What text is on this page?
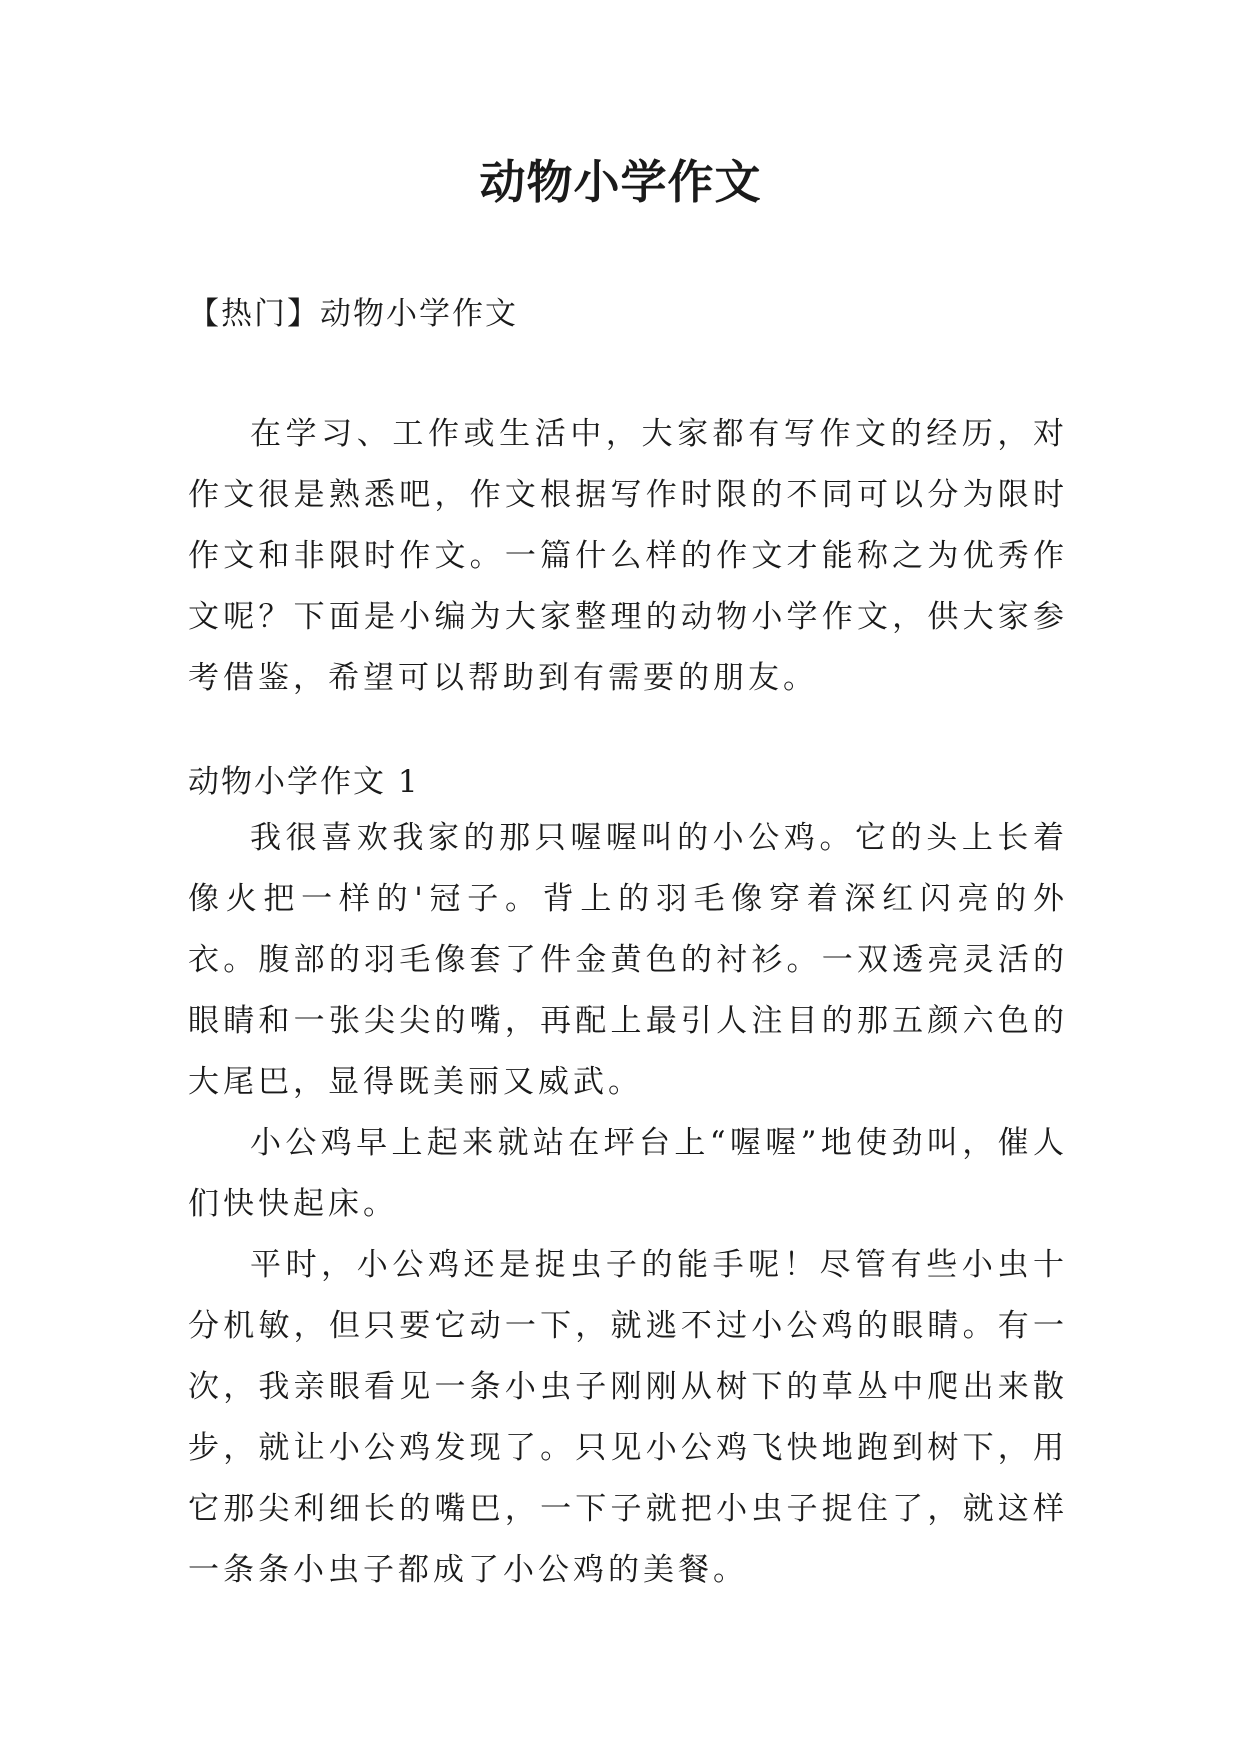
动物小学作文
【热门】动物小学作文

在学习、工作或生活中，大家都有写作文的经历，对作文很是熟悉吧，作文根据写作时限的不同可以分为限时作文和非限时作文。一篇什么样的作文才能称之为优秀作文呢？下面是小编为大家整理的动物小学作文，供大家参考借鉴，希望可以帮助到有需要的朋友。

动物小学作文 1

我很喜欢我家的那只喔喔叫的小公鸡。它的头上长着像火把一样的'冠子。背上的羽毛像穿着深红闪亮的外衣。腹部的羽毛像套了件金黄色的衬衫。一双透亮灵活的眼睛和一张尖尖的嘴，再配上最引人注目的那五颜六色的大尾巴，显得既美丽又威武。

小公鸡早上起来就站在坪台上“喔喔”地使劲叫，催人们快快起床。

平时，小公鸡还是捉虫子的能手呢！尽管有些小虫十分机敏，但只要它动一下，就逃不过小公鸡的眼睛。有一次，我亲眼看见一条小虫子刚刚从树下的草丛中爬出来散步，就让小公鸡发现了。只见小公鸡飞快地跑到树下，用它那尖利细长的嘴巴，一下子就把小虫子捉住了，就这样一条条小虫子都成了小公鸡的美餐。
